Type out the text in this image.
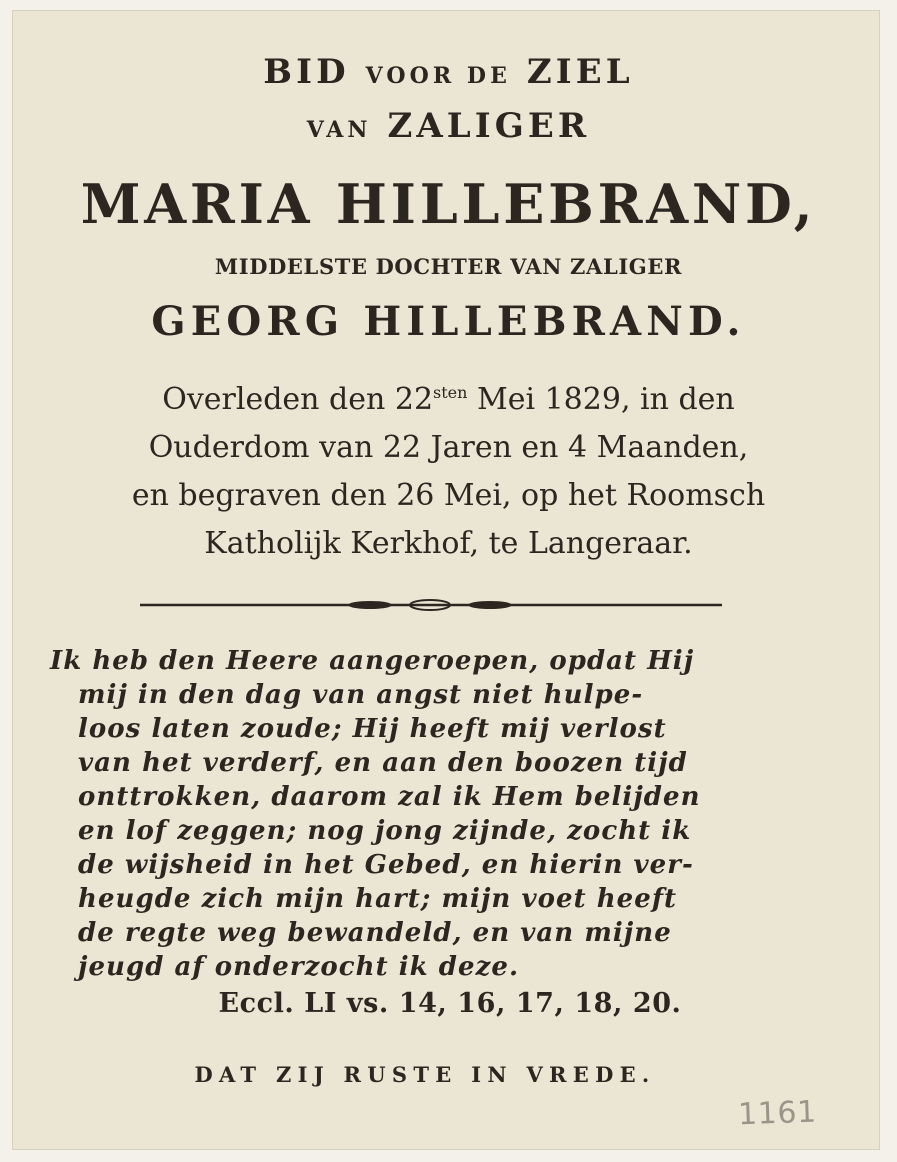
BID VOOR DE ZIEL
VAN ZALIGER
MARIA HILLEBRAND,
MIDDELSTE DOCHTER VAN ZALIGER
GEORG HILLEBRAND.
Overleden den $22^{sten}$ Mei 1829, in den
Ouderdom van 22 Jaren en 4 Maanden,
en begraven den 26 Mei, op het Roomsch
Katholijk Kerkhof, te Langeraar.
Ik heb den Heere aangeroepen, opdat Hij
mij in den dag van angst niet hulpe-
loos laten zoude; Hij heeft mij verlost
van het verderf, en aan den boozen tijd
onttrokken, daarom zal ik Hem belijden
en lof zeggen; nog jong zijnde, zocht ik
de wijsheid in het Gebed, en hierin ver-
heugde zich mijn hart; mijn voet heeft
de regte weg bewandeld, en van mijne
jeugd af onderzocht ik deze.
Eccl. LI vs. 14, 16, 17, 18, 20.
DAT ZIJ RUSTE IN VREDE.
1161
